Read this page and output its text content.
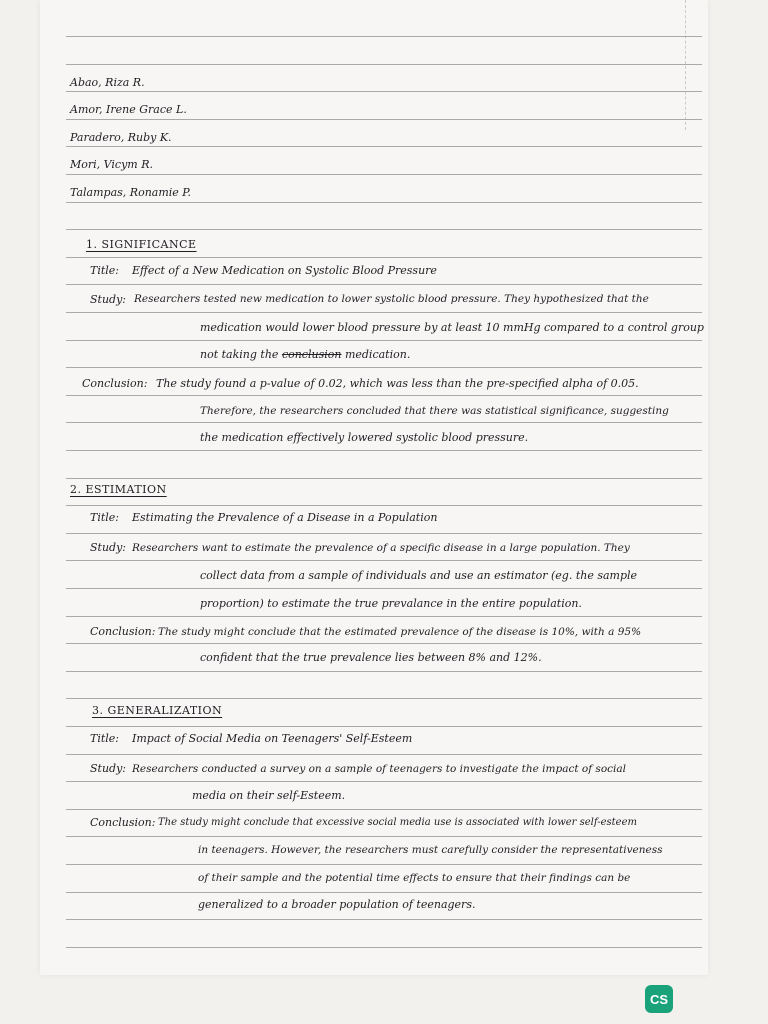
Abao, Riza R.
Amor, Irene Grace L.
Paradero, Ruby K.
Mori, Vicym R.
Talampas, Ronamie P.
1. SIGNIFICANCE
Title: Effect of a New Medication on Systolic Blood Pressure
Study: Researchers tested new medication to lower systolic blood pressure. They hypothesized that the
medication would lower blood pressure by at least 10 mmHg compared to a control group
not taking the conclusion medication.
Conclusion: The study found a p-value of 0.02, which was less than the pre-specified alpha of 0.05.
Therefore, the researchers concluded that there was statistical significance, suggesting
the medication effectively lowered systolic blood pressure.
2. ESTIMATION
Title: Estimating the Prevalence of a Disease in a Population
Study: Researchers want to estimate the prevalence of a specific disease in a large population. They
collect data from a sample of individuals and use an estimator (eg. the sample
proportion) to estimate the true prevalance in the entire population.
Conclusion: The study might conclude that the estimated prevalence of the disease is 10%, with a 95%
confident that the true prevalence lies between 8% and 12%.
3. GENERALIZATION
Title: Impact of Social Media on Teenagers' Self-Esteem
Study: Researchers conducted a survey on a sample of teenagers to investigate the impact of social
media on their self-Esteem.
Conclusion: The study might conclude that excessive social media use is associated with lower self-esteem
in teenagers. However, the researchers must carefully consider the representativeness
of their sample and the potential time effects to ensure that their findings can be
generalized to a broader population of teenagers.
CS
